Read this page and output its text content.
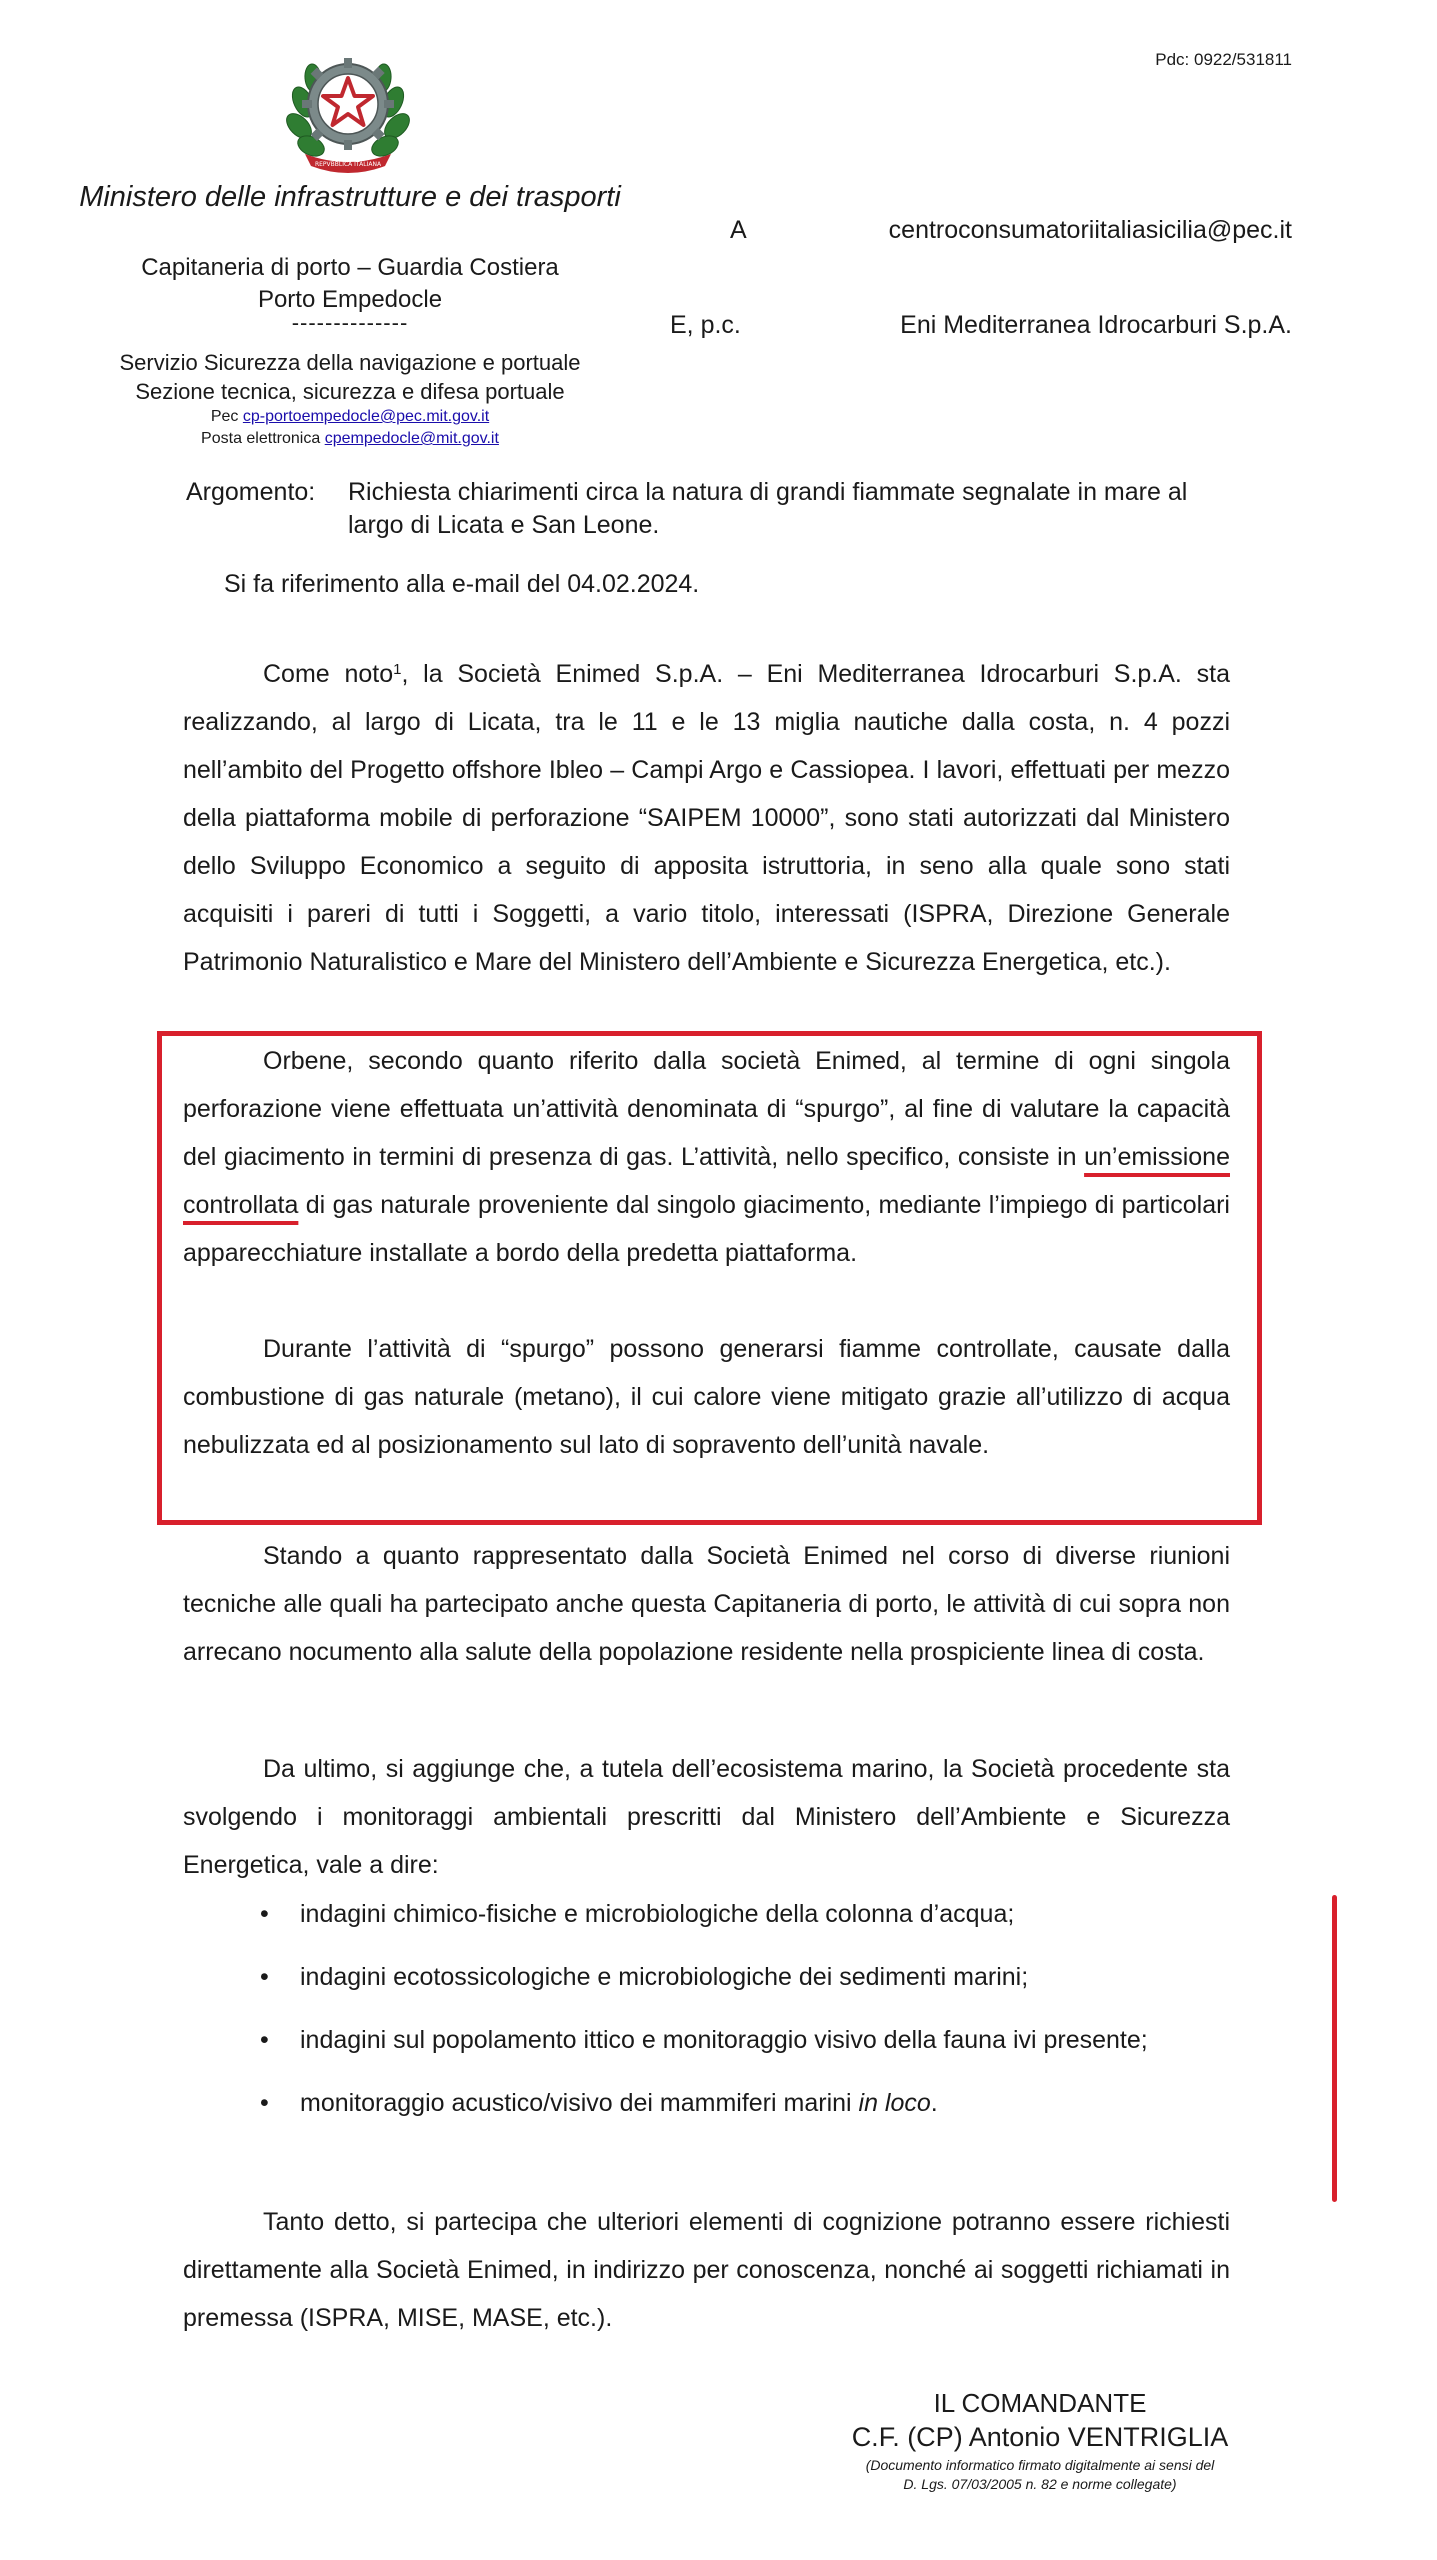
REPVBBLICA ITALIANA
Ministero delle infrastrutture e dei trasporti
Capitaneria di porto – Guardia Costiera
Porto Empedocle
--------------
Servizio Sicurezza della navigazione e portuale
Sezione tecnica, sicurezza e difesa portuale
Pec cp-portoempedocle@pec.mit.gov.it
Posta elettronica cpempedocle@mit.gov.it
Pdc: 0922/531811
A	centroconsumatoriitaliasicilia@pec.it
E, p.c.	Eni Mediterranea Idrocarburi S.p.A.
Argomento: Richiesta chiarimenti circa la natura di grandi fiammate segnalate in mare al largo di Licata e San Leone.
Si fa riferimento alla e-mail del 04.02.2024.
Come noto$^1$, la Società Enimed S.p.A. – Eni Mediterranea Idrocarburi S.p.A. sta realizzando, al largo di Licata, tra le 11 e le 13 miglia nautiche dalla costa, n. 4 pozzi nell’ambito del Progetto offshore Ibleo – Campi Argo e Cassiopea. I lavori, effettuati per mezzo della piattaforma mobile di perforazione “SAIPEM 10000”, sono stati autorizzati dal Ministero dello Sviluppo Economico a seguito di apposita istruttoria, in seno alla quale sono stati acquisiti i pareri di tutti i Soggetti, a vario titolo, interessati (ISPRA, Direzione Generale Patrimonio Naturalistico e Mare del Ministero dell’Ambiente e Sicurezza Energetica, etc.).
Orbene, secondo quanto riferito dalla società Enimed, al termine di ogni singola perforazione viene effettuata un’attività denominata di “spurgo”, al fine di valutare la capacità del giacimento in termini di presenza di gas. L’attività, nello specifico, consiste in un’emissione controllata di gas naturale proveniente dal singolo giacimento, mediante l’impiego di particolari apparecchiature installate a bordo della predetta piattaforma.
Durante l’attività di “spurgo” possono generarsi fiamme controllate, causate dalla combustione di gas naturale (metano), il cui calore viene mitigato grazie all’utilizzo di acqua nebulizzata ed al posizionamento sul lato di sopravento dell’unità navale.
Stando a quanto rappresentato dalla Società Enimed nel corso di diverse riunioni tecniche alle quali ha partecipato anche questa Capitaneria di porto, le attività di cui sopra non arrecano nocumento alla salute della popolazione residente nella prospiciente linea di costa.
Da ultimo, si aggiunge che, a tutela dell’ecosistema marino, la Società procedente sta svolgendo i monitoraggi ambientali prescritti dal Ministero dell’Ambiente e Sicurezza Energetica, vale a dire:
• indagini chimico-fisiche e microbiologiche della colonna d’acqua;
• indagini ecotossicologiche e microbiologiche dei sedimenti marini;
• indagini sul popolamento ittico e monitoraggio visivo della fauna ivi presente;
• monitoraggio acustico/visivo dei mammiferi marini in loco.
Tanto detto, si partecipa che ulteriori elementi di cognizione potranno essere richiesti direttamente alla Società Enimed, in indirizzo per conoscenza, nonché ai soggetti richiamati in premessa (ISPRA, MISE, MASE, etc.).
IL COMANDANTE
C.F. (CP) Antonio VENTRIGLIA
(Documento informatico firmato digitalmente ai sensi del
D. Lgs. 07/03/2005 n. 82 e norme collegate)
